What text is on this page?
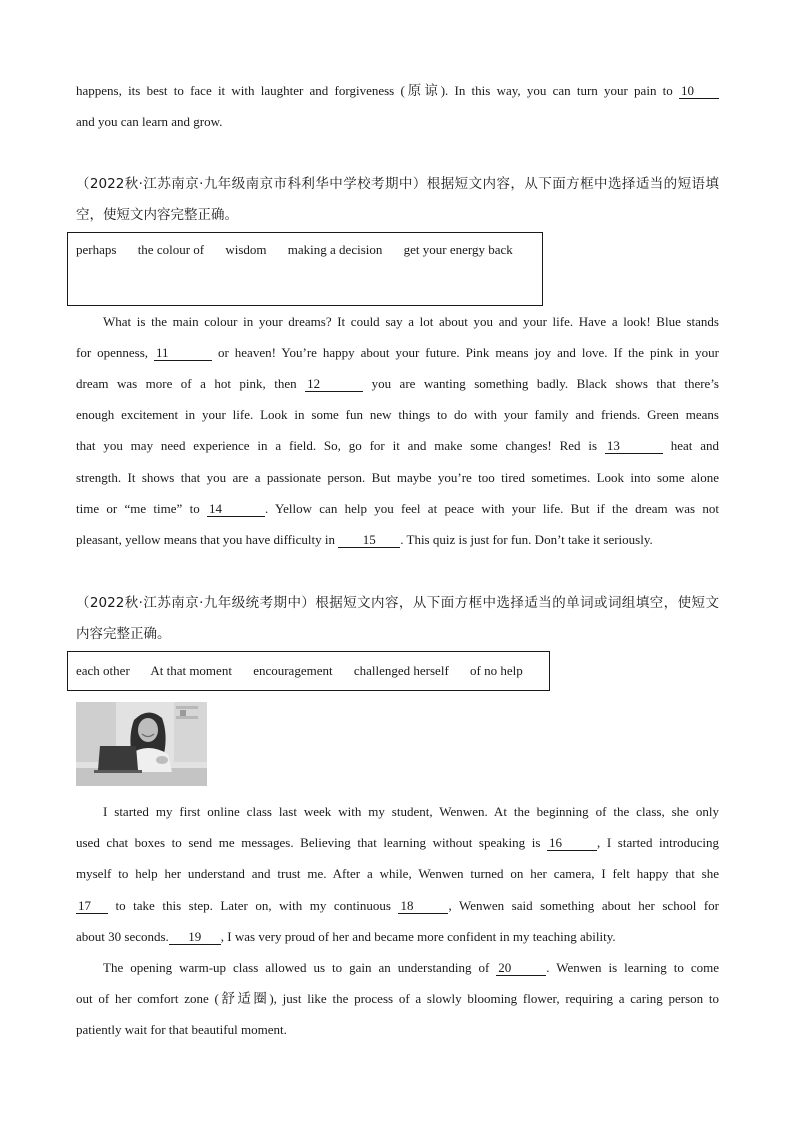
happens, its best to face it with laughter and forgiveness (原谅). In this way, you can turn your pain to 10
and you can learn and grow.
（2022秋·江苏南京·九年级南京市科利华中学校考期中）根据短文内容，从下面方框中选择适当的短语填
空，使短文内容完整正确。
perhaps the colour of wisdom making a decision get your energy back
What is the main colour in your dreams? It could say a lot about you and your life. Have a look! Blue stands
for openness, 11	or heaven! You’re happy about your future. Pink means joy and love. If the pink in your
dream was more of a hot pink, then 12	you are wanting something badly. Black shows that there’s
enough excitement in your life. Look in some fun new things to do with your family and friends. Green means
that you may need experience in a field. So, go for it and make some changes! Red is 13	heat and
strength. It shows that you are a passionate person. But maybe you’re too tired sometimes. Look into some alone
time or “me time” to 14	. Yellow can help you feel at peace with your life. But if the dream was not
pleasant, yellow means that you have difficulty in 15 . This quiz is just for fun. Don’t take it seriously.
（2022秋·江苏南京·九年级统考期中）根据短文内容，从下面方框中选择适当的单词或词组填空，使短文
内容完整正确。
each other At that moment encouragement challenged herself of no help
I started my first online class last week with my student, Wenwen. At the beginning of the class, she only
used chat boxes to send me messages. Believing that learning without speaking is 16	, I started introducing
myself to help her understand and trust me. After a while, Wenwen turned on her camera, I felt happy that she
17 to take this step. Later on, with my continuous 18	, Wenwen said something about her school for
about 30 seconds. 19 , I was very proud of her and became more confident in my teaching ability.
The opening warm-up class allowed us to gain an understanding of 20	. Wenwen is learning to come
out of her comfort zone (舒适圈), just like the process of a slowly blooming flower, requiring a caring person to
patiently wait for that beautiful moment.
